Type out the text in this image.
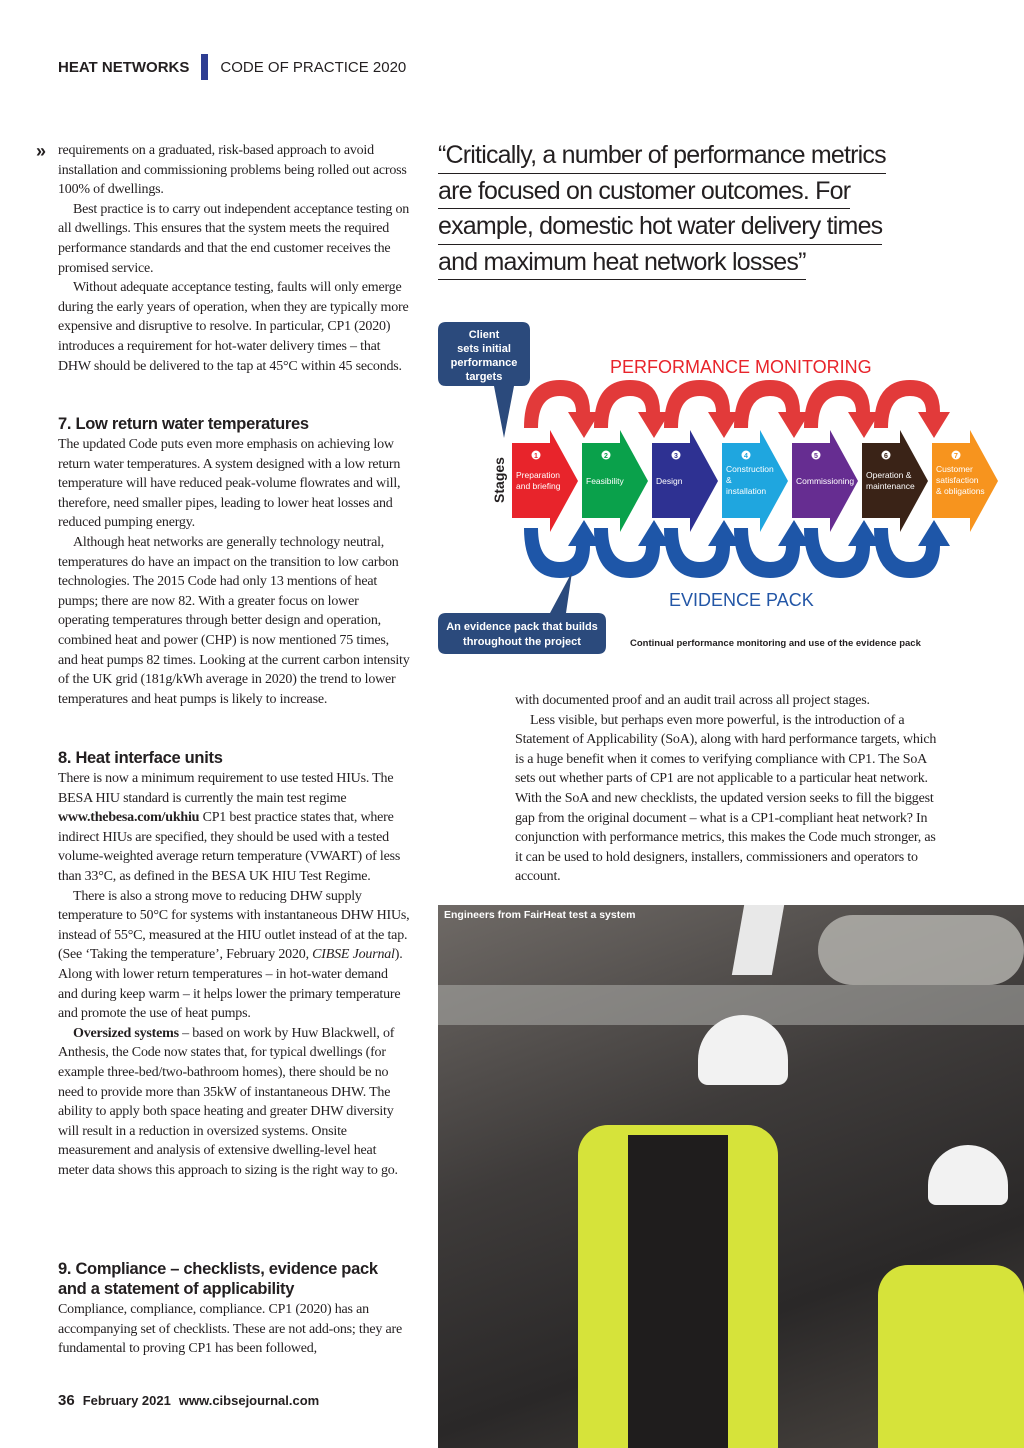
HEAT NETWORKS CODE OF PRACTICE 2020
» requirements on a graduated, risk-based approach to avoid installation and commissioning problems being rolled out across 100% of dwellings.

Best practice is to carry out independent acceptance testing on all dwellings. This ensures that the system meets the required performance standards and that the end customer receives the promised service.

Without adequate acceptance testing, faults will only emerge during the early years of operation, when they are typically more expensive and disruptive to resolve. In particular, CP1 (2020) introduces a requirement for hot-water delivery times – that DHW should be delivered to the tap at 45°C within 45 seconds.

7. Low return water temperatures

The updated Code puts even more emphasis on achieving low return water temperatures. A system designed with a low return temperature will have reduced peak-volume flowrates and will, therefore, need smaller pipes, leading to lower heat losses and reduced pumping energy.

Although heat networks are generally technology neutral, temperatures do have an impact on the transition to low carbon technologies. The 2015 Code had only 13 mentions of heat pumps; there are now 82. With a greater focus on lower operating temperatures through better design and operation, combined heat and power (CHP) is now mentioned 75 times, and heat pumps 82 times. Looking at the current carbon intensity of the UK grid (181g/kWh average in 2020) the trend to lower temperatures and heat pumps is likely to increase.

8. Heat interface units

There is now a minimum requirement to use tested HIUs. The BESA HIU standard is currently the main test regime www.thebesa.com/ukhiu CP1 best practice states that, where indirect HIUs are specified, they should be used with a tested volume-weighted average return temperature (VWART) of less than 33°C, as defined in the BESA UK HIU Test Regime.

There is also a strong move to reducing DHW supply temperature to 50°C for systems with instantaneous DHW HIUs, instead of 55°C, measured at the HIU outlet instead of at the tap. (See ‘Taking the temperature’, February 2020, CIBSE Journal). Along with lower return temperatures – in hot-water demand and during keep warm – it helps lower the primary temperature and promote the use of heat pumps.

Oversized systems – based on work by Huw Blackwell, of Anthesis, the Code now states that, for typical dwellings (for example three-bed/two-bathroom homes), there should be no need to provide more than 35kW of instantaneous DHW. The ability to apply both space heating and greater DHW diversity will result in a reduction in oversized systems. Onsite measurement and analysis of extensive dwelling-level heat meter data shows this approach to sizing is the right way to go.

9. Compliance – checklists, evidence pack and a statement of applicability

Compliance, compliance, compliance. CP1 (2020) has an accompanying set of checklists. These are not add-ons; they are fundamental to proving CP1 has been followed,

“Critically, a number of performance metrics
are focused on customer outcomes. For
example, domestic hot water delivery times
and maximum heat network losses”
1
Preparation and briefing
2
Feasibility
3
Design
4
Construction & installation
5
Commissioning
6
Operation & maintenance
7
Customer satisfaction & obligations
Client sets initial performance targets	PERFORMANCE MONITORING
EVIDENCE PACK
Stages
An evidence pack that builds throughout the project	Continual performance monitoring and use of the evidence pack

with documented proof and an audit trail across all project stages.

Less visible, but perhaps even more powerful, is the introduction of a Statement of Applicability (SoA), along with hard performance targets, which is a huge benefit when it comes to verifying compliance with CP1. The SoA sets out whether parts of CP1 are not applicable to a particular heat network. With the SoA and new checklists, the updated version seeks to fill the biggest gap from the original document – what is a CP1-compliant heat network? In conjunction with performance metrics, this makes the Code much stronger, as it can be used to hold designers, installers, commissioners and operators to account.

Engineers from FairHeat test a system
36 February 2021 www.cibsejournal.com
